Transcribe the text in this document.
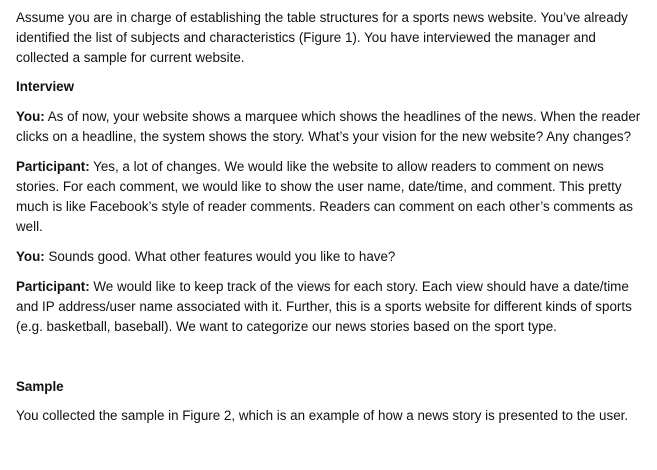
Assume you are in charge of establishing the table structures for a sports news website. You’ve already identified the list of subjects and characteristics (Figure 1). You have interviewed the manager and collected a sample for current website.

Interview

You: As of now, your website shows a marquee which shows the headlines of the news. When the reader clicks on a headline, the system shows the story. What’s your vision for the new website? Any changes?

Participant: Yes, a lot of changes. We would like the website to allow readers to comment on news stories. For each comment, we would like to show the user name, date/time, and comment. This pretty much is like Facebook’s style of reader comments. Readers can comment on each other’s comments as well.

You: Sounds good. What other features would you like to have?

Participant: We would like to keep track of the views for each story. Each view should have a date/time and IP address/user name associated with it. Further, this is a sports website for different kinds of sports (e.g. basketball, baseball). We want to categorize our news stories based on the sport type.

Sample

You collected the sample in Figure 2, which is an example of how a news story is presented to the user.
